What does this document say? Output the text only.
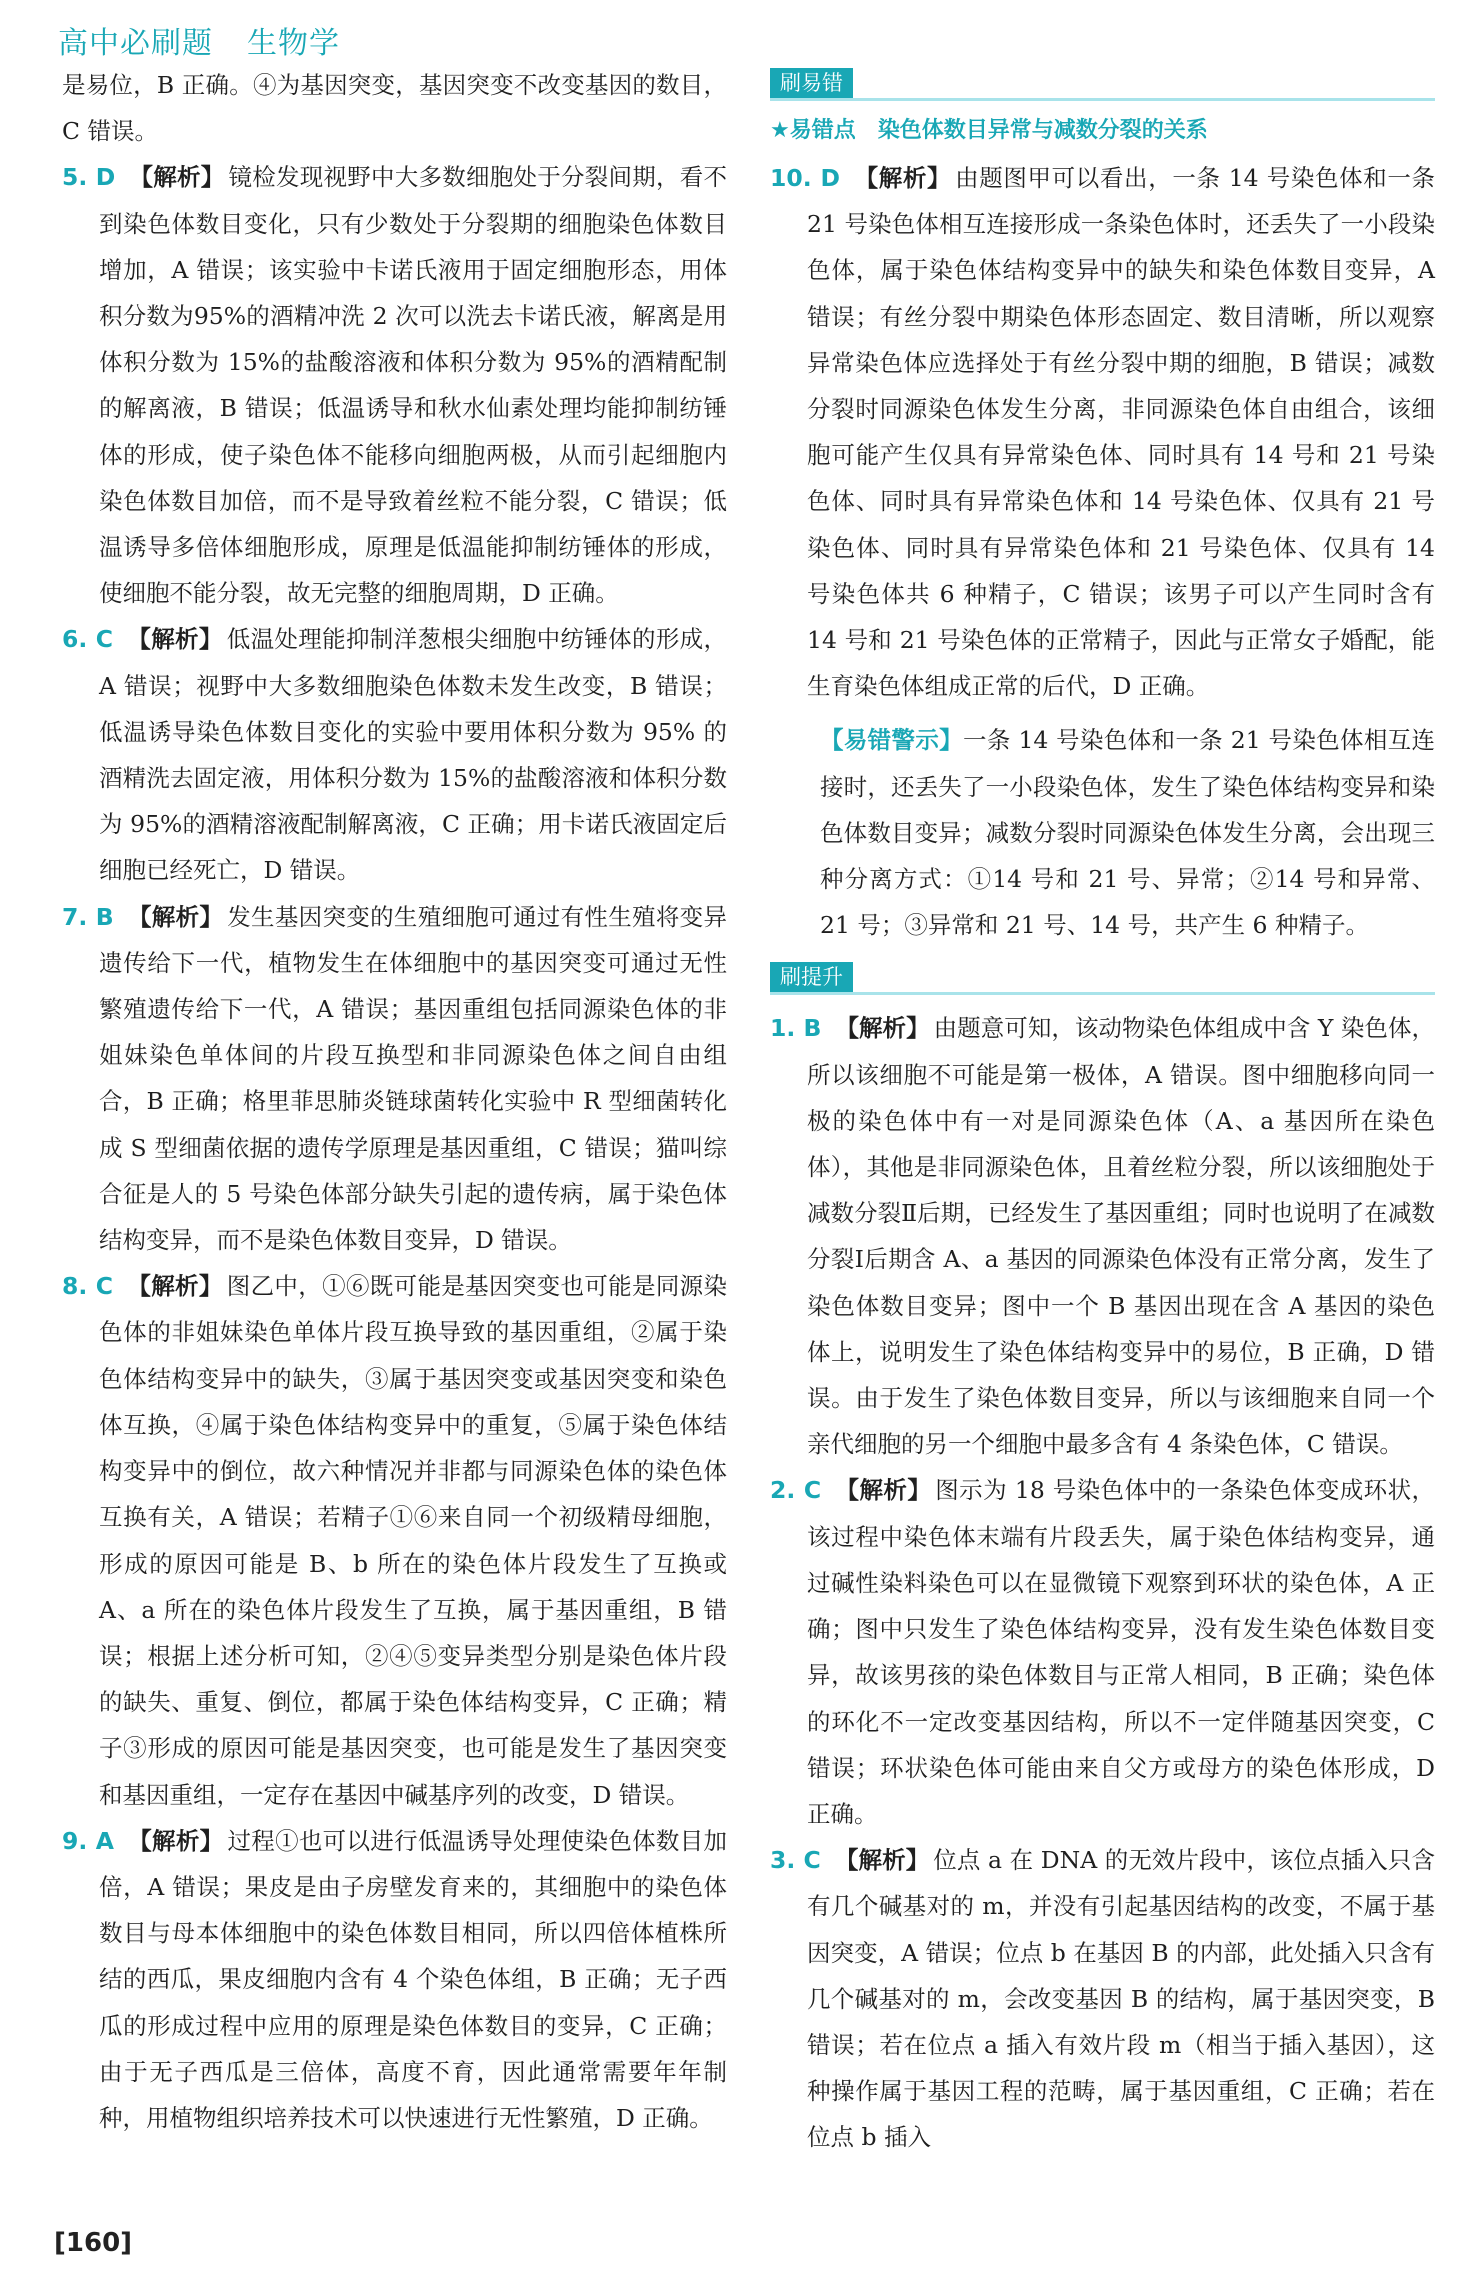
高中必刷题 生物学
是易位，B 正确。④为基因突变，基因突变不改变基因的数目，C 错误。
5. D 【解析】 镜检发现视野中大多数细胞处于分裂间期，看不到染色体数目变化，只有少数处于分裂期的细胞染色体数目增加，A 错误；该实验中卡诺氏液用于固定细胞形态，用体积分数为95%的酒精冲洗 2 次可以洗去卡诺氏液，解离是用体积分数为 15%的盐酸溶液和体积分数为 95%的酒精配制的解离液，B 错误；低温诱导和秋水仙素处理均能抑制纺锤体的形成，使子染色体不能移向细胞两极，从而引起细胞内染色体数目加倍，而不是导致着丝粒不能分裂，C 错误；低温诱导多倍体细胞形成，原理是低温能抑制纺锤体的形成，使细胞不能分裂，故无完整的细胞周期，D 正确。
6. C 【解析】 低温处理能抑制洋葱根尖细胞中纺锤体的形成，A 错误；视野中大多数细胞染色体数未发生改变，B 错误；低温诱导染色体数目变化的实验中要用体积分数为 95% 的酒精洗去固定液，用体积分数为 15%的盐酸溶液和体积分数为 95%的酒精溶液配制解离液，C 正确；用卡诺氏液固定后细胞已经死亡，D 错误。
7. B 【解析】 发生基因突变的生殖细胞可通过有性生殖将变异遗传给下一代，植物发生在体细胞中的基因突变可通过无性繁殖遗传给下一代，A 错误；基因重组包括同源染色体的非姐妹染色单体间的片段互换型和非同源染色体之间自由组合，B 正确；格里菲思肺炎链球菌转化实验中 R 型细菌转化成 S 型细菌依据的遗传学原理是基因重组，C 错误；猫叫综合征是人的 5 号染色体部分缺失引起的遗传病，属于染色体结构变异，而不是染色体数目变异，D 错误。
8. C 【解析】 图乙中，①⑥既可能是基因突变也可能是同源染色体的非姐妹染色单体片段互换导致的基因重组，②属于染色体结构变异中的缺失，③属于基因突变或基因突变和染色体互换，④属于染色体结构变异中的重复，⑤属于染色体结构变异中的倒位，故六种情况并非都与同源染色体的染色体互换有关，A 错误；若精子①⑥来自同一个初级精母细胞，形成的原因可能是 B、b 所在的染色体片段发生了互换或 A、a 所在的染色体片段发生了互换，属于基因重组，B 错误；根据上述分析可知，②④⑤变异类型分别是染色体片段的缺失、重复、倒位，都属于染色体结构变异，C 正确；精子③形成的原因可能是基因突变，也可能是发生了基因突变和基因重组，一定存在基因中碱基序列的改变，D 错误。
9. A 【解析】 过程①也可以进行低温诱导处理使染色体数目加倍，A 错误；果皮是由子房壁发育来的，其细胞中的染色体数目与母本体细胞中的染色体数目相同，所以四倍体植株所结的西瓜，果皮细胞内含有 4 个染色体组，B 正确；无子西瓜的形成过程中应用的原理是染色体数目的变异，C 正确；由于无子西瓜是三倍体，高度不育，因此通常需要年年制种，用植物组织培养技术可以快速进行无性繁殖，D 正确。
刷易错
★易错点　染色体数目异常与减数分裂的关系
10. D 【解析】 由题图甲可以看出，一条 14 号染色体和一条 21 号染色体相互连接形成一条染色体时，还丢失了一小段染色体，属于染色体结构变异中的缺失和染色体数目变异，A 错误；有丝分裂中期染色体形态固定、数目清晰，所以观察异常染色体应选择处于有丝分裂中期的细胞，B 错误；减数分裂时同源染色体发生分离，非同源染色体自由组合，该细胞可能产生仅具有异常染色体、同时具有 14 号和 21 号染色体、同时具有异常染色体和 14 号染色体、仅具有 21 号染色体、同时具有异常染色体和 21 号染色体、仅具有 14 号染色体共 6 种精子，C 错误；该男子可以产生同时含有 14 号和 21 号染色体的正常精子，因此与正常女子婚配，能生育染色体组成正常的后代，D 正确。
【易错警示】一条 14 号染色体和一条 21 号染色体相互连接时，还丢失了一小段染色体，发生了染色体结构变异和染色体数目变异；减数分裂时同源染色体发生分离，会出现三种分离方式：①14 号和 21 号、异常；②14 号和异常、21 号；③异常和 21 号、14 号，共产生 6 种精子。
刷提升
1. B 【解析】 由题意可知，该动物染色体组成中含 Y 染色体，所以该细胞不可能是第一极体，A 错误。图中细胞移向同一极的染色体中有一对是同源染色体（A、a 基因所在染色体），其他是非同源染色体，且着丝粒分裂，所以该细胞处于减数分裂Ⅱ后期，已经发生了基因重组；同时也说明了在减数分裂Ⅰ后期含 A、a 基因的同源染色体没有正常分离，发生了染色体数目变异；图中一个 B 基因出现在含 A 基因的染色体上，说明发生了染色体结构变异中的易位，B 正确，D 错误。由于发生了染色体数目变异，所以与该细胞来自同一个亲代细胞的另一个细胞中最多含有 4 条染色体，C 错误。
2. C 【解析】 图示为 18 号染色体中的一条染色体变成环状，该过程中染色体末端有片段丢失，属于染色体结构变异，通过碱性染料染色可以在显微镜下观察到环状的染色体，A 正确；图中只发生了染色体结构变异，没有发生染色体数目变异，故该男孩的染色体数目与正常人相同，B 正确；染色体的环化不一定改变基因结构，所以不一定伴随基因突变，C 错误；环状染色体可能由来自父方或母方的染色体形成，D 正确。
3. C 【解析】 位点 a 在 DNA 的无效片段中，该位点插入只含有几个碱基对的 m，并没有引起基因结构的改变，不属于基因突变，A 错误；位点 b 在基因 B 的内部，此处插入只含有几个碱基对的 m，会改变基因 B 的结构，属于基因突变，B 错误；若在位点 a 插入有效片段 m（相当于插入基因），这种操作属于基因工程的范畴，属于基因重组，C 正确；若在位点 b 插入
[160]
